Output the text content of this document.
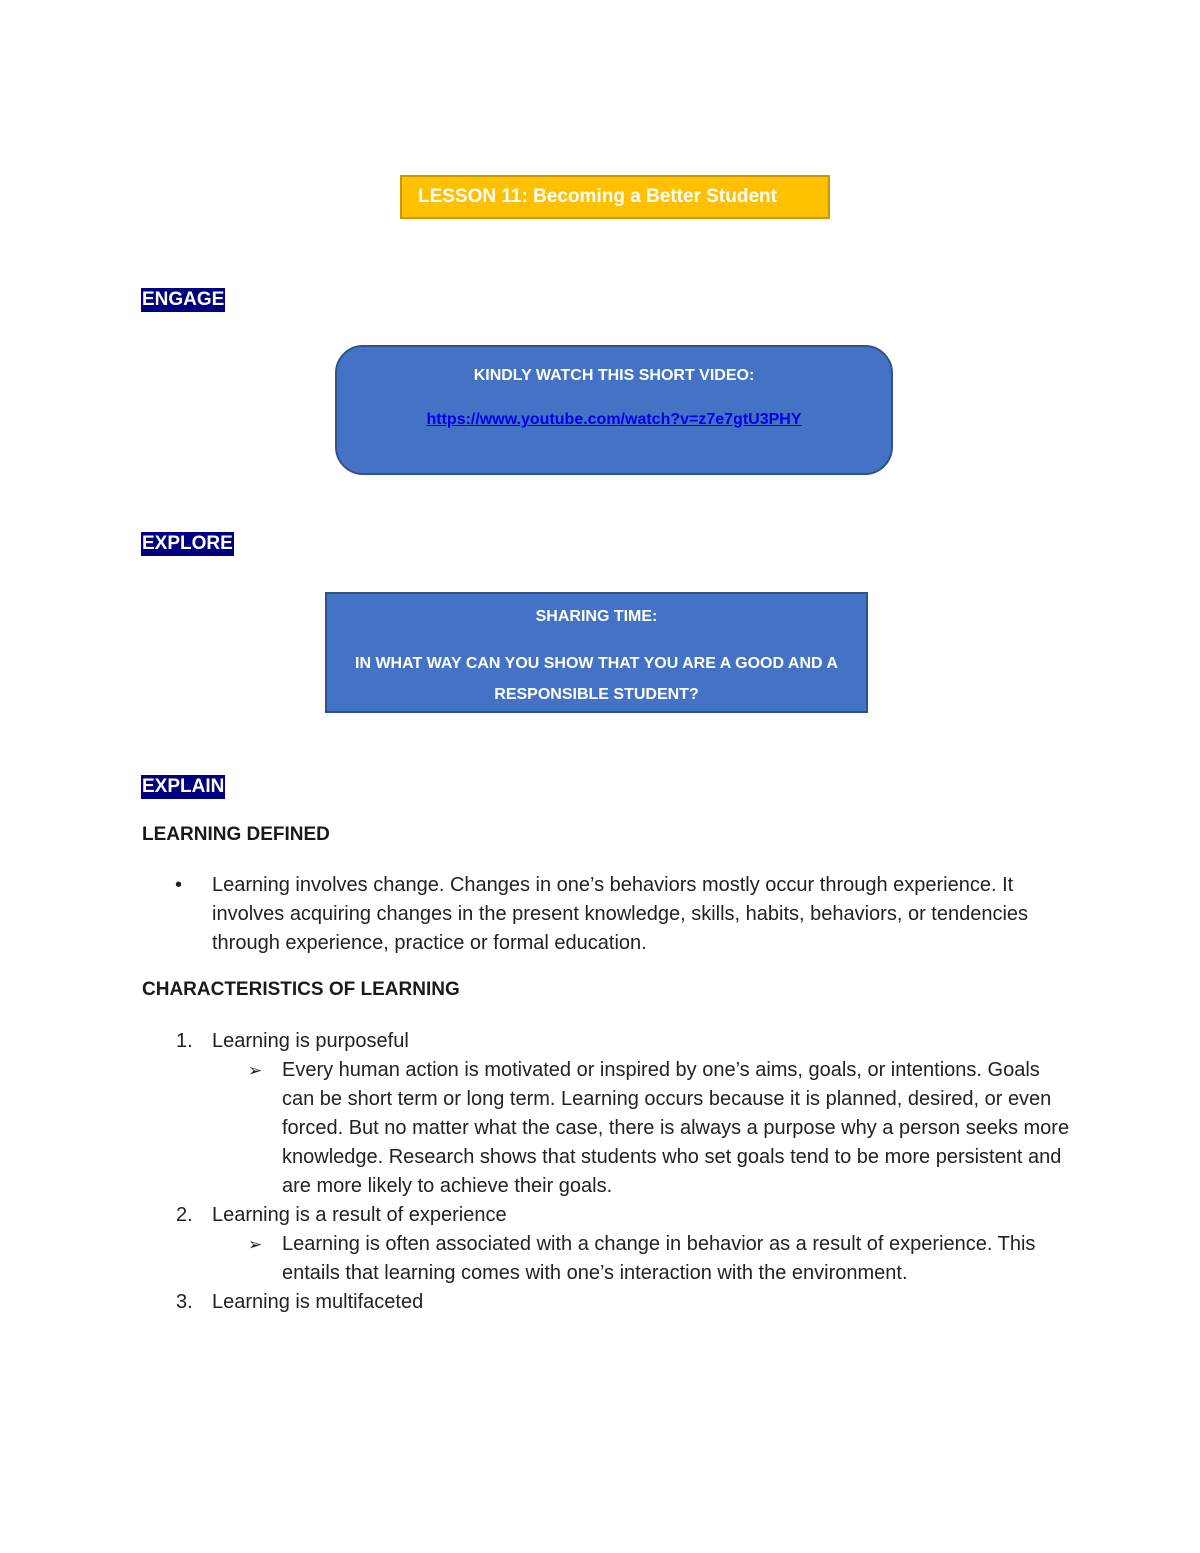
LESSON 11: Becoming a Better Student
ENGAGE
KINDLY WATCH THIS SHORT VIDEO:
https://www.youtube.com/watch?v=z7e7gtU3PHY
EXPLORE
SHARING TIME:
IN WHAT WAY CAN YOU SHOW THAT YOU ARE A GOOD AND A RESPONSIBLE STUDENT?
EXPLAIN
LEARNING DEFINED
• Learning involves change. Changes in one’s behaviors mostly occur through experience. It involves acquiring changes in the present knowledge, skills, habits, behaviors, or tendencies through experience, practice or formal education.
CHARACTERISTICS OF LEARNING
1. Learning is purposeful
➢ Every human action is motivated or inspired by one’s aims, goals, or intentions. Goals can be short term or long term. Learning occurs because it is planned, desired, or even forced. But no matter what the case, there is always a purpose why a person seeks more knowledge. Research shows that students who set goals tend to be more persistent and are more likely to achieve their goals.
2. Learning is a result of experience
➢ Learning is often associated with a change in behavior as a result of experience. This entails that learning comes with one’s interaction with the environment.
3. Learning is multifaceted
